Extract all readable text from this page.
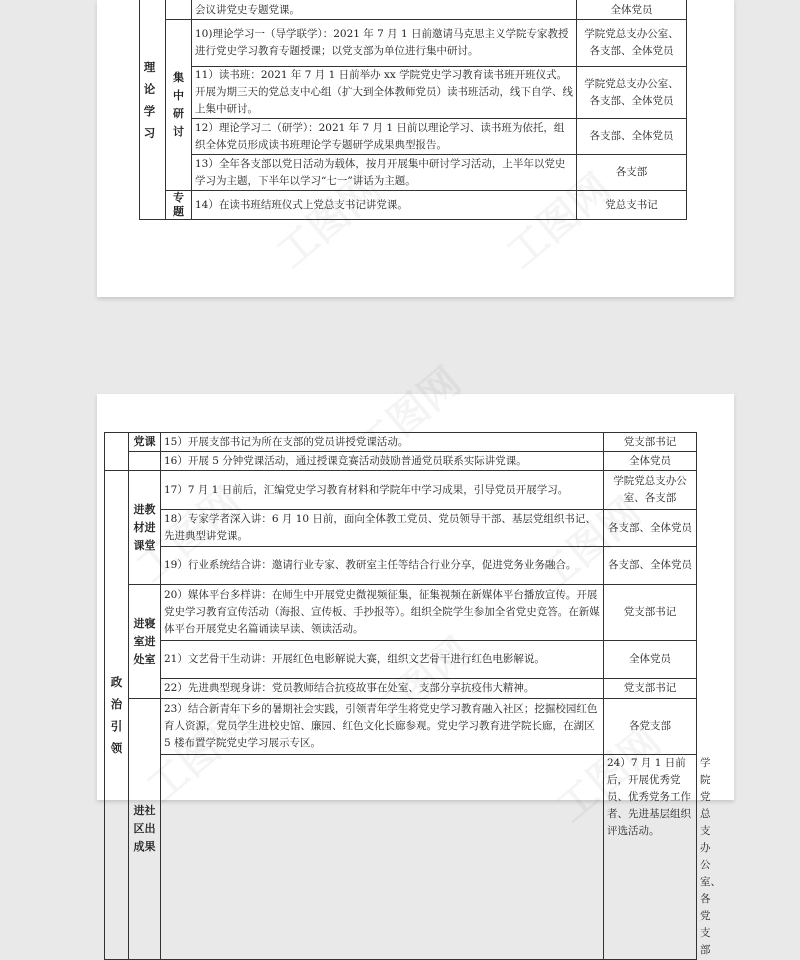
理论学习		会议讲党史专题党课。	全体党员
	集中研讨	10)理论学习一（导学联学）：2021 年 7 月 1 日前邀请马克思主义学院专家教授进行党史学习教育专题授课；以党支部为单位进行集中研讨。	学院党总支办公室、各支部、全体党员
		11）读书班：2021 年 7 月 1 日前举办 xx 学院党史学习教育读书班开班仪式。开展为期三天的党总支中心组（扩大到全体教师党员）读书班活动，线下自学、线上集中研讨。	学院党总支办公室、各支部、全体党员
		12）理论学习二（研学）：2021 年 7 月 1 日前以理论学习、读书班为依托，组织全体党员形成读书班理论学专题研学成果典型报告。	各支部、全体党员
		13）全年各支部以党日活动为载体，按月开展集中研讨学习活动，上半年以党史学习为主题，下半年以学习“七一”讲话为主题。	各支部
	专题	14）在读书班结班仪式上党总支书记讲党课。	党总支书记
	党课	15）开展支部书记为所在支部的党员讲授党课活动。	党支部书记	
		16）开展 5 分钟党课活动，通过授课竞赛活动鼓励普通党员联系实际讲党课。	全体党员	
政治引领	进教材进课堂	17）7 月 1 日前后，汇编党史学习教育材料和学院年中学习成果，引导党员开展学习。	学院党总支办公室、各支部	
		18）专家学者深入讲：6 月 10 日前，面向全体教工党员、党员领导干部、基层党组织书记、先进典型讲党课。	各支部、全体党员	
		19）行业系统结合讲：邀请行业专家、教研室主任等结合行业分享，促进党务业务融合。	各支部、全体党员	
	进寝室进处室	20）媒体平台多样讲：在师生中开展党史微视频征集，征集视频在新媒体平台播放宣传。开展党史学习教育宣传活动（海报、宣传板、手抄报等）。组织全院学生参加全省党史竞答。在新媒体平台开展党史名篇诵读早读、领读活动。	党支部书记	
		21）文艺骨干生动讲：开展红色电影解说大赛，组织文艺骨干进行红色电影解说。	全体党员	
		22）先进典型现身讲：党员教师结合抗疫故事在处室、支部分享抗疫伟大精神。	党支部书记	
	进社区出成果	23）结合新青年下乡的暑期社会实践，引领青年学生将党史学习教育融入社区；挖掘校园红色育人资源，党员学生进校史馆、廉园、红色文化长廊参观。党史学习教育进学院长廊，在湖区 5 楼布置学院党史学习展示专区。	各党支部	
			24）7 月 1 日前后，开展优秀党员、优秀党务工作者、先进基层组织评选活动。	学院党总支办公室、各党支部
